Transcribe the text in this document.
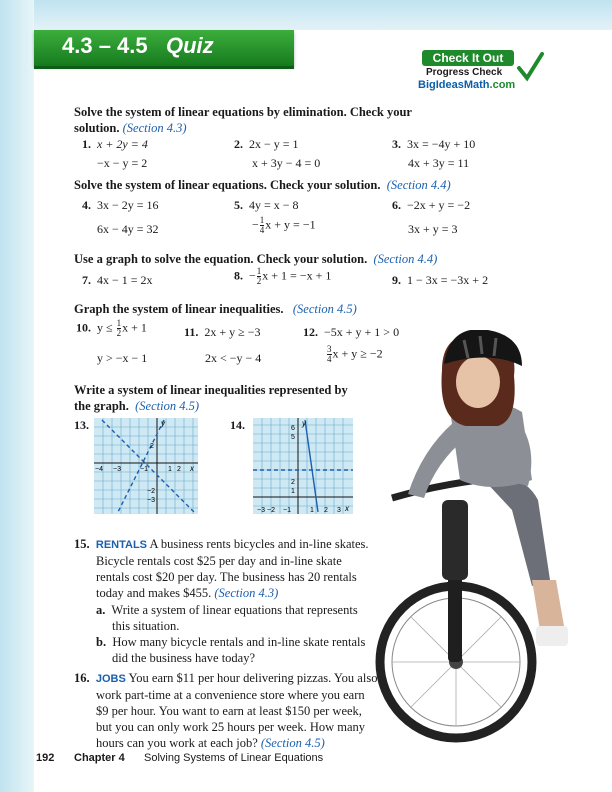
4.3 – 4.5 Quiz	Check It Out
Progress Check
BigIdeasMath.com
Solve the system of linear equations by elimination. Check your
solution. (Section 4.3)
1. x + 2y = 4
−x − y = 2
2. 2x − y = 1
x + 3y − 4 = 0
3. 3x = −4y + 10
4x + 3y = 11
Solve the system of linear equations. Check your solution. (Section 4.4)
4. 3x − 2y = 16
6x − 4y = 32
5. 4y = x − 8
− $\frac{1}{4}$ x + y = −1
6. −2x + y = −2
3x + y = 3
Use a graph to solve the equation. Check your solution. (Section 4.4)
7. 4x − 1 = 2x	8. − $\frac{1}{2}$ x + 1 = −x + 1	9. 1 − 3x = −3x + 2
Graph the system of linear inequalities. (Section 4.5)
10. $y \le \frac{1}{2}$ x + 1
y > −x − 1
11. 2x + y ≥ −3
2x < −y − 4
12. −5x + y + 1 > 0
$\frac{3}{4}$ x + y ≥ −2
Write a system of linear inequalities represented by
the graph. (Section 4.5)
13.	y
x
−4 −3	−1	1 2
2
−2
−3
14.	y
x
6
5
2
1
−3 −2 −1	1 2 3
15. RENTALS A business rents bicycles and in-line skates.
Bicycle rentals cost $25 per day and in-line skate
rentals cost $20 per day. The business has 20 rentals
today and makes $455. (Section 4.3)
a. Write a system of linear equations that represents
this situation.
b. How many bicycle rentals and in-line skate rentals
did the business have today?
16. JOBS You earn $11 per hour delivering pizzas. You also
work part-time at a convenience store where you earn
$9 per hour. You want to earn at least $150 per week,
but you can only work 25 hours per week. How many
hours can you work at each job? (Section 4.5)
192 Chapter 4 Solving Systems of Linear Equations
